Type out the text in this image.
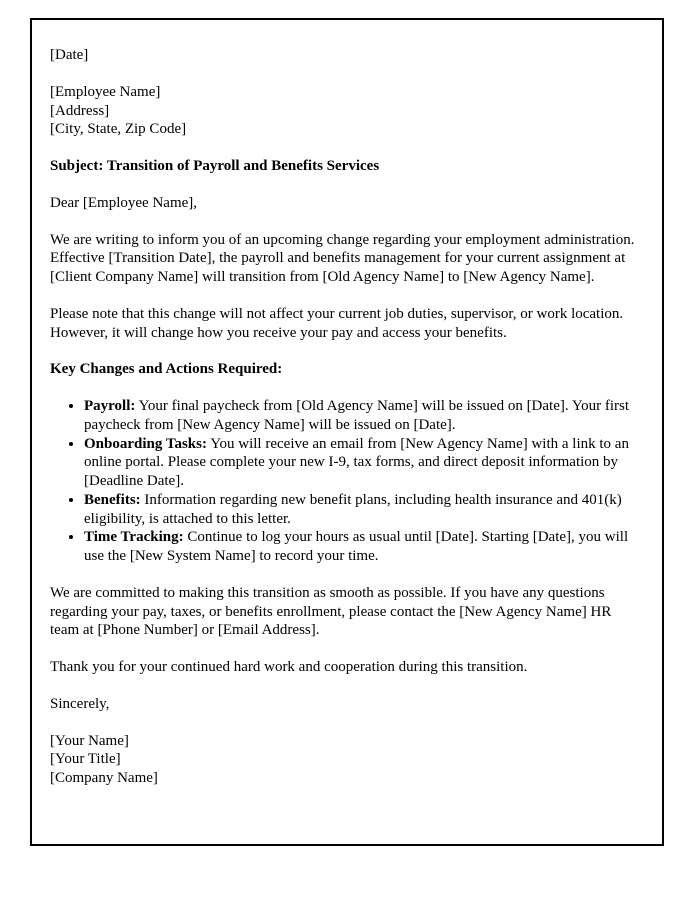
[Date]

[Employee Name]

[Address]

[City, State, Zip Code]

Subject: Transition of Payroll and Benefits Services

Dear [Employee Name],

We are writing to inform you of an upcoming change regarding your employment administration. Effective [Transition Date], the payroll and benefits management for your current assignment at [Client Company Name] will transition from [Old Agency Name] to [New Agency Name].

Please note that this change will not affect your current job duties, supervisor, or work location. However, it will change how you receive your pay and access your benefits.

Key Changes and Actions Required:

• Payroll: Your final paycheck from [Old Agency Name] will be issued on [Date]. Your first paycheck from [New Agency Name] will be issued on [Date].
• Onboarding Tasks: You will receive an email from [New Agency Name] with a link to an online portal. Please complete your new I-9, tax forms, and direct deposit information by [Deadline Date].
• Benefits: Information regarding new benefit plans, including health insurance and 401(k) eligibility, is attached to this letter.
• Time Tracking: Continue to log your hours as usual until [Date]. Starting [Date], you will use the [New System Name] to record your time.

We are committed to making this transition as smooth as possible. If you have any questions regarding your pay, taxes, or benefits enrollment, please contact the [New Agency Name] HR team at [Phone Number] or [Email Address].

Thank you for your continued hard work and cooperation during this transition.

Sincerely,

[Your Name]

[Your Title]

[Company Name]
